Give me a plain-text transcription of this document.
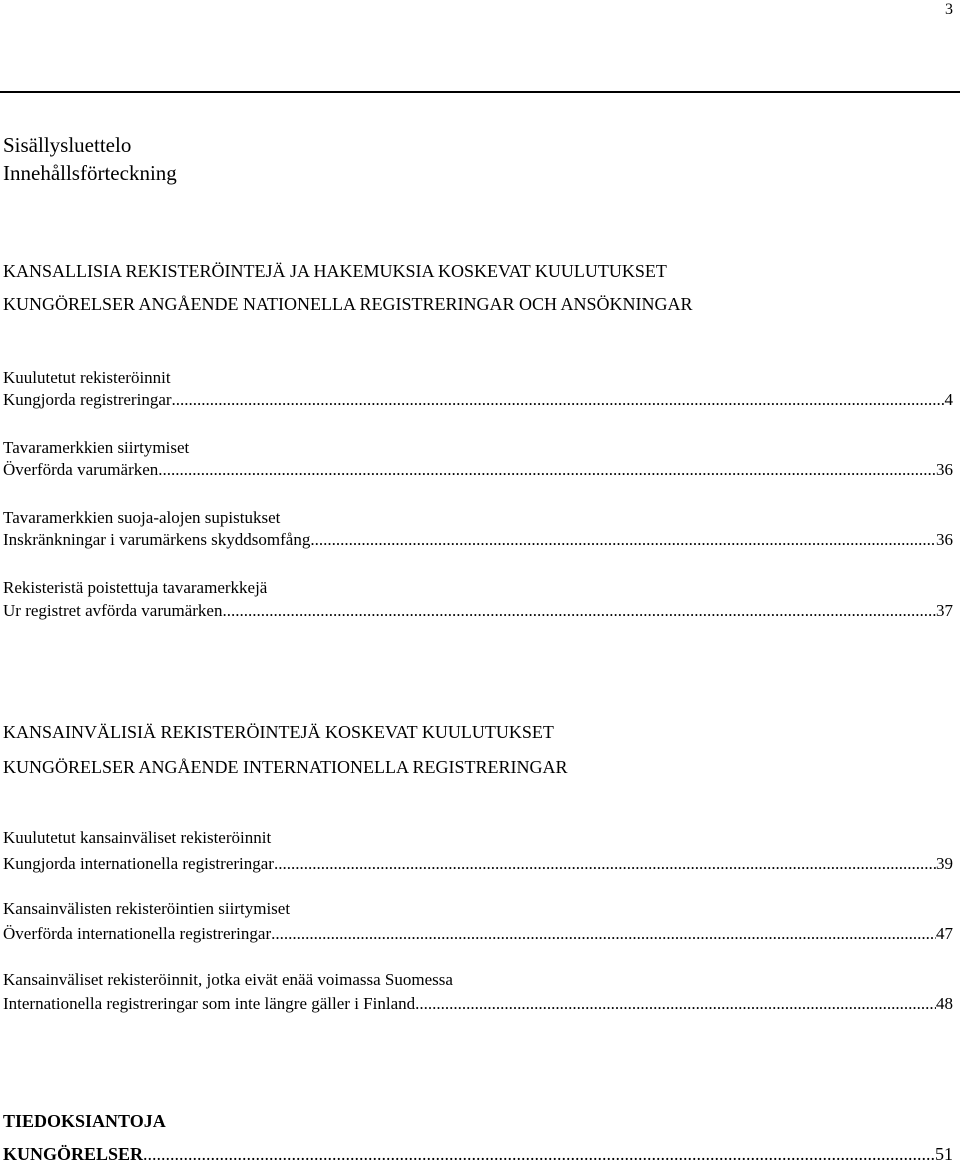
3
Sisällysluettelo
Innehållsförteckning
KANSALLISIA REKISTERÖINTEJÄ JA HAKEMUKSIA KOSKEVAT KUULUTUKSET
KUNGÖRELSER ANGÅENDE NATIONELLA REGISTRERINGAR OCH ANSÖKNINGAR
Kuulutetut rekisteröinnit
Kungjorda registreringar .....	4
Tavaramerkkien siirtymiset
Överförda varumärken .....	36
Tavaramerkkien suoja-alojen supistukset
Inskränkningar i varumärkens skyddsomfång .....	36
Rekisteristä poistettuja tavaramerkkejä
Ur registret avförda varumärken .....	37
KANSAINVÄLISIÄ REKISTERÖINTEJÄ KOSKEVAT KUULUTUKSET
KUNGÖRELSER ANGÅENDE INTERNATIONELLA REGISTRERINGAR
Kuulutetut kansainväliset rekisteröinnit
Kungjorda internationella registreringar .....	39
Kansainvälisten rekisteröintien siirtymiset
Överförda internationella registreringar .....	47
Kansainväliset rekisteröinnit, jotka eivät enää voimassa Suomessa
Internationella registreringar som inte längre gäller i Finland .....	48
TIEDOKSIANTOJA
KUNGÖRELSER .....	51
